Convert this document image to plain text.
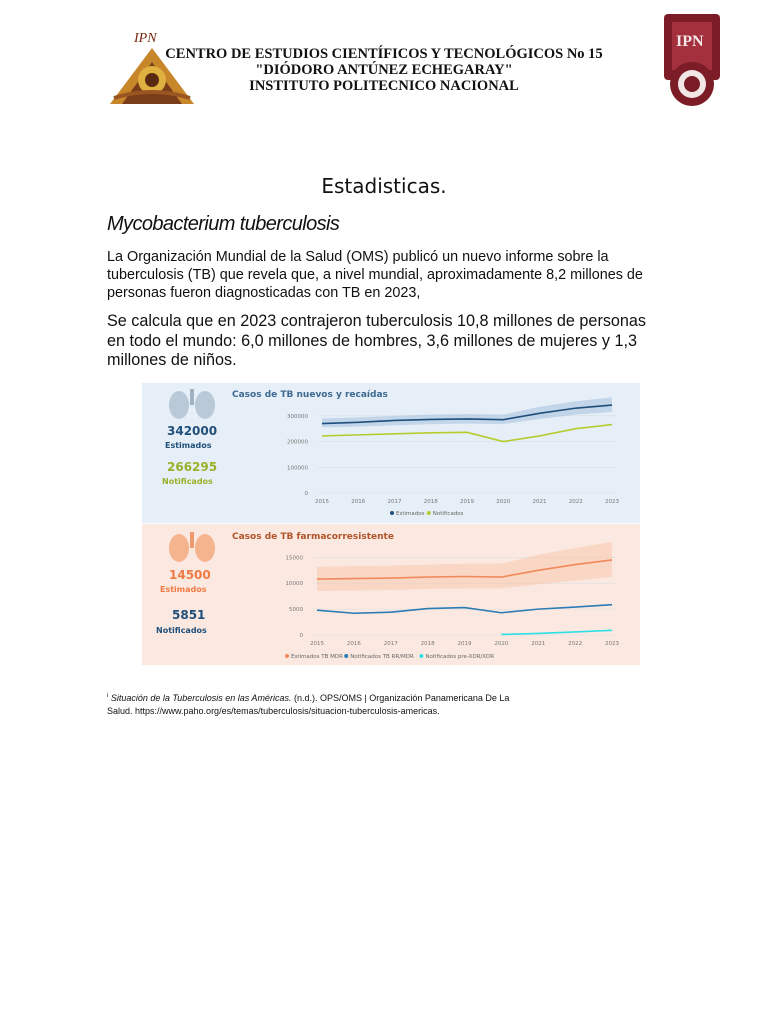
IPN
CENTRO DE ESTUDIOS CIENTÍFICOS Y TECNOLÓGICOS No 15
"DIÓDORO ANTÚNEZ ECHEGARAY"
INSTITUTO POLITECNICO NACIONAL
IPN
Estadisticas.
Mycobacterium tuberculosis
La Organización Mundial de la Salud (OMS) publicó un nuevo informe sobre la tuberculosis (TB) que revela que, a nivel mundial, aproximadamente 8,2 millones de personas fueron diagnosticadas con TB en 2023,
Se calcula que en 2023 contrajeron tuberculosis 10,8 millones de personas en todo el mundo: 6,0 millones de hombres, 3,6 millones de mujeres y 1,3 millones de niños.
Casos de TB nuevos y recaídas
342000
Estimados
266295
Notificados
Casos de TB farmacorresistente
14500
Estimados
5851
Notificados
300000
200000
100000
0
2015	2016	2017	2018	2019	2020	2021	2022	2023
Estimados Notificados
15000
10000
5000
0
2015	2016	2017	2018	2019	2020	2021	2022	2023
Estimados TB MDR Notificados TB RR/MDR Notificados pre-XDR/XDR
$^i$ Situación de la Tuberculosis en las Américas. (n.d.). OPS/OMS | Organización Panamericana De La Salud. https://www.paho.org/es/temas/tuberculosis/situacion-tuberculosis-americas.
